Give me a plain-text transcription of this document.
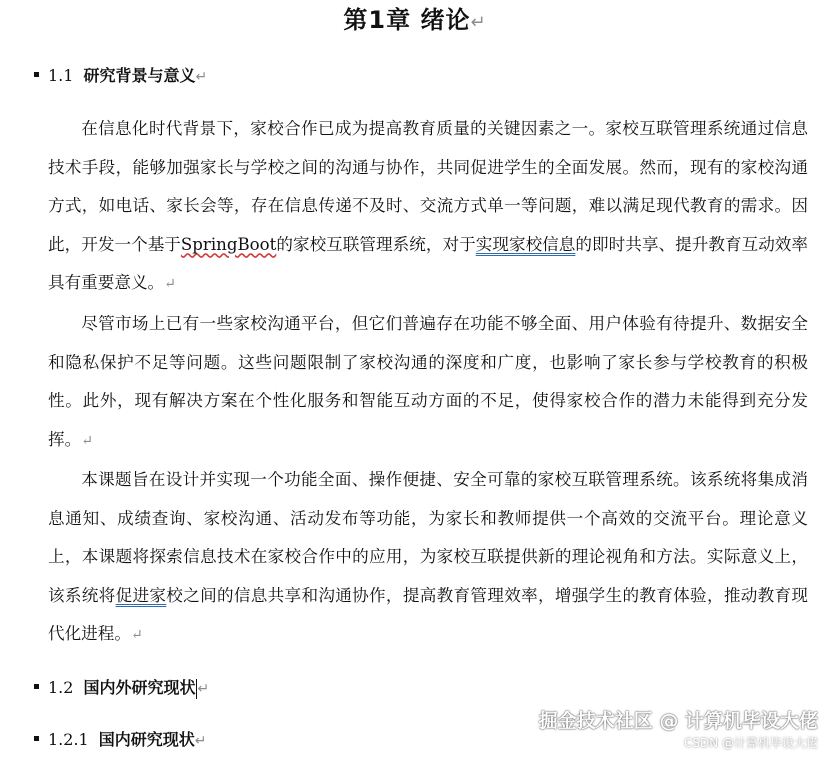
第1章 绪论↵
1.1 研究背景与意义↵

在信息化时代背景下，家校合作已成为提高教育质量的关键因素之一。家校互联管理系统通过信息技术手段，能够加强家长与学校之间的沟通与协作，共同促进学生的全面发展。然而，现有的家校沟通方式，如电话、家长会等，存在信息传递不及时、交流方式单一等问题，难以满足现代教育的需求。因此，开发一个基于SpringBoot的家校互联管理系统，对于实现家校信息的即时共享、提升教育互动效率具有重要意义。↵

尽管市场上已有一些家校沟通平台，但它们普遍存在功能不够全面、用户体验有待提升、数据安全和隐私保护不足等问题。这些问题限制了家校沟通的深度和广度，也影响了家长参与学校教育的积极性。此外，现有解决方案在个性化服务和智能互动方面的不足，使得家校合作的潜力未能得到充分发挥。↵

本课题旨在设计并实现一个功能全面、操作便捷、安全可靠的家校互联管理系统。该系统将集成消息通知、成绩查询、家校沟通、活动发布等功能，为家长和教师提供一个高效的交流平台。理论意义上，本课题将探索信息技术在家校合作中的应用，为家校互联提供新的理论视角和方法。实际意义上，该系统将促进家校之间的信息共享和沟通协作，提高教育管理效率，增强学生的教育体验，推动教育现代化进程。↵

1.2 国内外研究现状 ↵
1.2.1 国内研究现状↵
掘金技术社区 @ 计算机毕设大佬
CSDN @计算机毕设大佬
